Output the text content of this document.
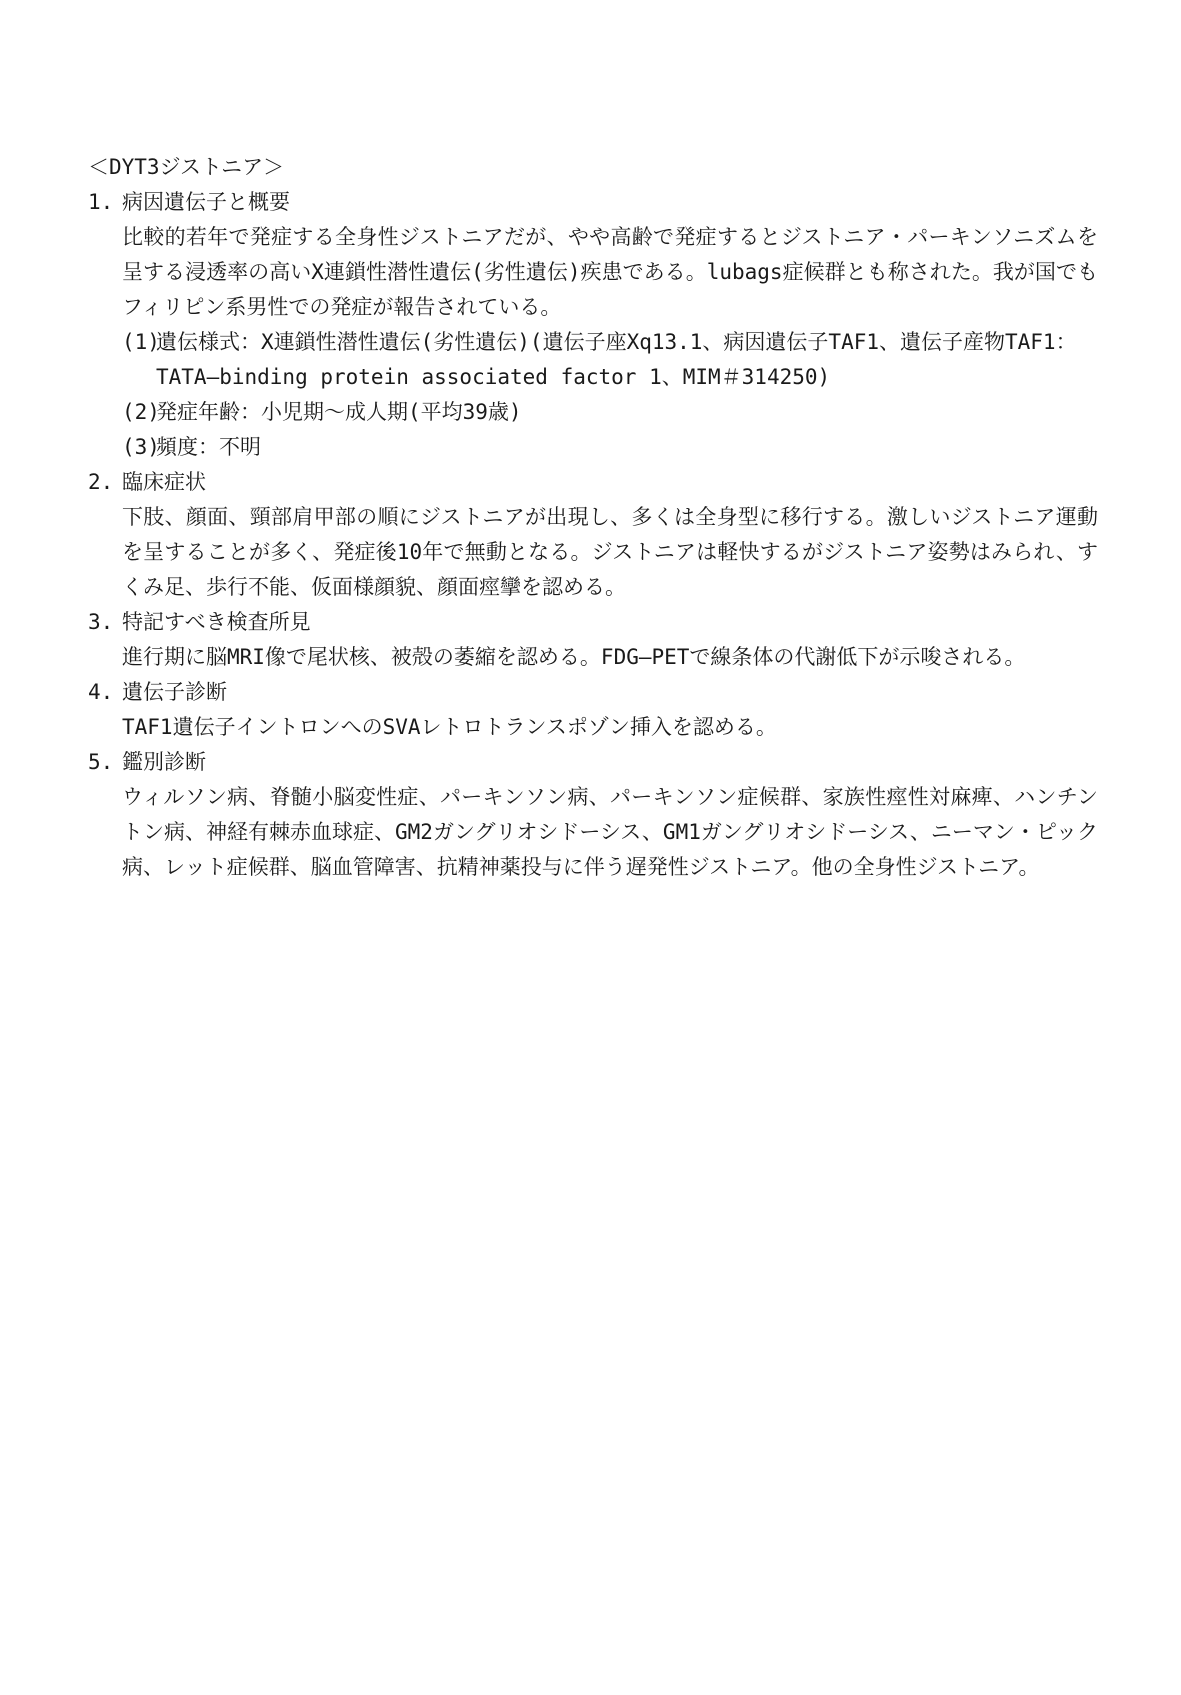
＜DYT3ジストニア＞
1. 病因遺伝子と概要
比較的若年で発症する全身性ジストニアだが、やや高齢で発症するとジストニア・パーキンソニズムを呈する浸透率の高いX連鎖性潜性遺伝(劣性遺伝)疾患である。lubags症候群とも称された。我が国でもフィリピン系男性での発症が報告されている。
(1)
遺伝様式：X連鎖性潜性遺伝(劣性遺伝)(遺伝子座Xq13.1、病因遺伝子TAF1、遺伝子産物TAF1：TATA―binding protein associated factor 1、MIM＃314250)
(2)
発症年齢：小児期～成人期(平均39歳)
(3)
頻度：不明
2. 臨床症状
下肢、顔面、頸部肩甲部の順にジストニアが出現し、多くは全身型に移行する。激しいジストニア運動を呈することが多く、発症後10年で無動となる。ジストニアは軽快するがジストニア姿勢はみられ、すくみ足、歩行不能、仮面様顔貌、顔面痙攣を認める。
3. 特記すべき検査所見
進行期に脳MRI像で尾状核、被殻の萎縮を認める。FDG―PETで線条体の代謝低下が示唆される。
4. 遺伝子診断
TAF1遺伝子イントロンへのSVAレトロトランスポゾン挿入を認める。
5. 鑑別診断
ウィルソン病、脊髄小脳変性症、パーキンソン病、パーキンソン症候群、家族性痙性対麻痺、ハンチントン病、神経有棘赤血球症、GM2ガングリオシドーシス、GM1ガングリオシドーシス、ニーマン・ピック病、レット症候群、脳血管障害、抗精神薬投与に伴う遅発性ジストニア。他の全身性ジストニア。
